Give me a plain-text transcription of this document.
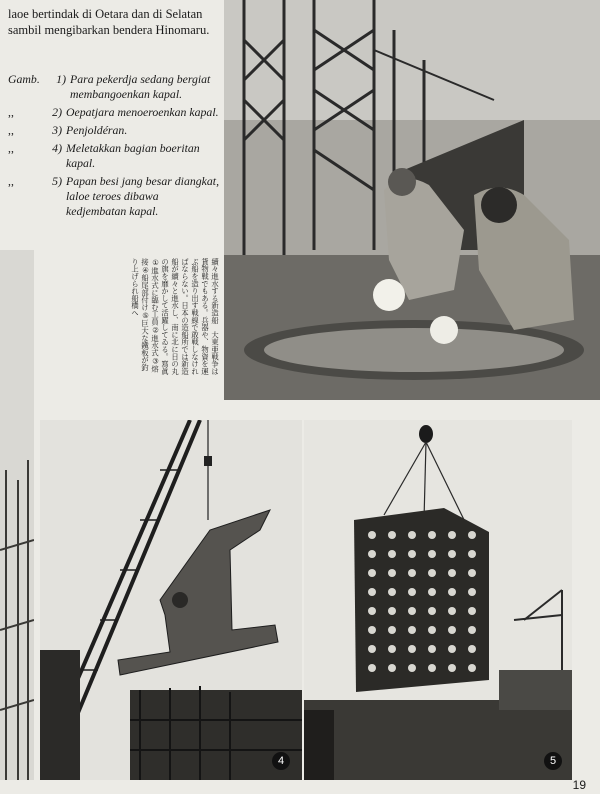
laoe bertindak di Oetara dan di Selatan sambil mengibarkan bendera Hinomaru.
Gamb.	1) Para pekerdja sedang bergiat membangoenkan kapal.
,,	2) Oepatjara menoeroenkan kapal.
,,	3) Penjoldéran.
,,	4) Meletakkan bagian boeritan kapal.
,,	5) Papan besi jang besar diangkat, laloe teroes dibawa kedjembatan kapal.
續々進水する新造船　大東亜戦争は貨物戦でもある。兵器や、物資を運ぶ船を造り出す戦線で敢戦しなければならない。日本の造船所では新造船が續々と進水し、南に北に日の丸の旗を靡かして活躍してゐる。寫眞①進水式に臨む工員②進水式③熔接④船尾部付け⑤巨大な鐵板が釣り上げられ船橋へ
4	5
19
